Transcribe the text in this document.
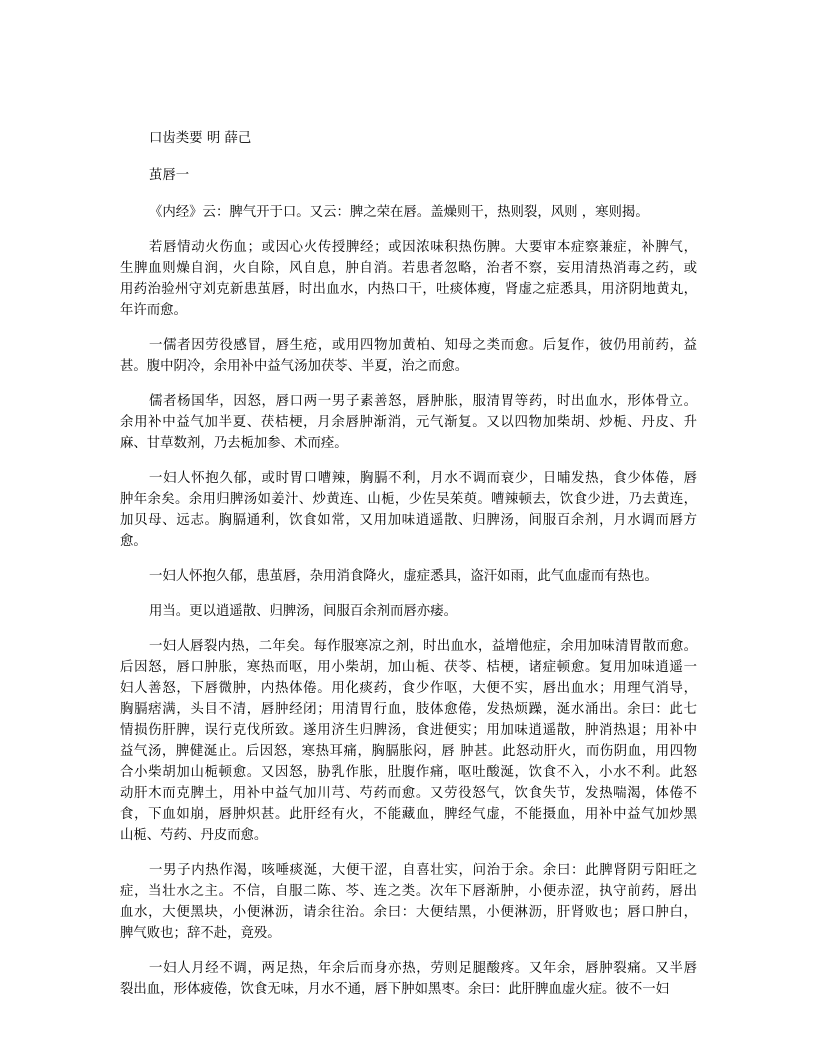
口齿类要 明 薛己
茧唇一
《内经》云：脾气开于口。又云：脾之荣在唇。盖燥则干，热则裂，风则 ，寒则揭。
若唇情动火伤血；或因心火传授脾经；或因浓味积热伤脾。大要审本症察兼症，补脾气，
生脾血则燥自润，火自除，风自息，肿自消。若患者忽略，治者不察，妄用清热消毒之药，或
用药治验州守刘克新患茧唇，时出血水，内热口干，吐痰体瘦，肾虚之症悉具，用济阴地黄丸，
年许而愈。
一儒者因劳役感冒，唇生疮，或用四物加黄柏、知母之类而愈。后复作，彼仍用前药，益
甚。腹中阴冷，余用补中益气汤加茯苓、半夏，治之而愈。
儒者杨国华，因怒，唇口两一男子素善怒，唇肿胀，服清胃等药，时出血水，形体骨立。
余用补中益气加半夏、茯桔梗，月余唇肿渐消，元气渐复。又以四物加柴胡、炒栀、丹皮、升
麻、甘草数剂，乃去栀加参、术而痊。
一妇人怀抱久郁，或时胃口嘈辣，胸膈不利，月水不调而衰少，日晡发热，食少体倦，唇
肿年余矣。余用归脾汤如姜汁、炒黄连、山栀，少佐吴茱萸。嘈辣顿去，饮食少进，乃去黄连，
加贝母、远志。胸膈通利，饮食如常，又用加味逍遥散、归脾汤，间服百余剂，月水调而唇方
愈。
一妇人怀抱久郁，患茧唇，杂用消食降火，虚症悉具，盗汗如雨，此气血虚而有热也。
用当。更以逍遥散、归脾汤，间服百余剂而唇亦痿。
一妇人唇裂内热，二年矣。每作服寒凉之剂，时出血水，益增他症，余用加味清胃散而愈。
后因怒，唇口肿胀，寒热而呕，用小柴胡，加山栀、茯苓、桔梗，诸症顿愈。复用加味逍遥一
妇人善怒，下唇微肿，内热体倦。用化痰药，食少作呕，大便不实，唇出血水；用理气消导，
胸膈痞满，头目不清，唇肿经闭；用清胃行血，肢体愈倦，发热烦躁，涎水涌出。余曰：此七
情损伤肝脾，误行克伐所致。遂用济生归脾汤，食进便实；用加味逍遥散，肿消热退；用补中
益气汤，脾健涎止。后因怒，寒热耳痛，胸膈胀闷，唇 肿甚。此怒动肝火，而伤阴血，用四物
合小柴胡加山栀顿愈。又因怒，胁乳作胀，肚腹作痛，呕吐酸涎，饮食不入，小水不利。此怒
动肝木而克脾土，用补中益气加川芎、芍药而愈。又劳役怒气，饮食失节，发热喘渴，体倦不
食，下血如崩，唇肿炽甚。此肝经有火，不能藏血，脾经气虚，不能摄血，用补中益气加炒黑
山栀、芍药、丹皮而愈。
一男子内热作渴，咳唾痰涎，大便干涩，自喜壮实，问治于余。余曰：此脾肾阴亏阳旺之
症，当壮水之主。不信，自服二陈、芩、连之类。次年下唇渐肿，小便赤涩，执守前药，唇出
血水，大便黑块，小便淋沥，请余往治。余曰：大便结黑，小便淋沥，肝肾败也；唇口肿白，
脾气败也；辞不赴，竟殁。
一妇人月经不调，两足热，年余后而身亦热，劳则足腿酸疼。又年余，唇肿裂痛。又半唇
裂出血，形体疲倦，饮食无味，月水不通，唇下肿如黑枣。余曰：此肝脾血虚火症。彼不一妇
